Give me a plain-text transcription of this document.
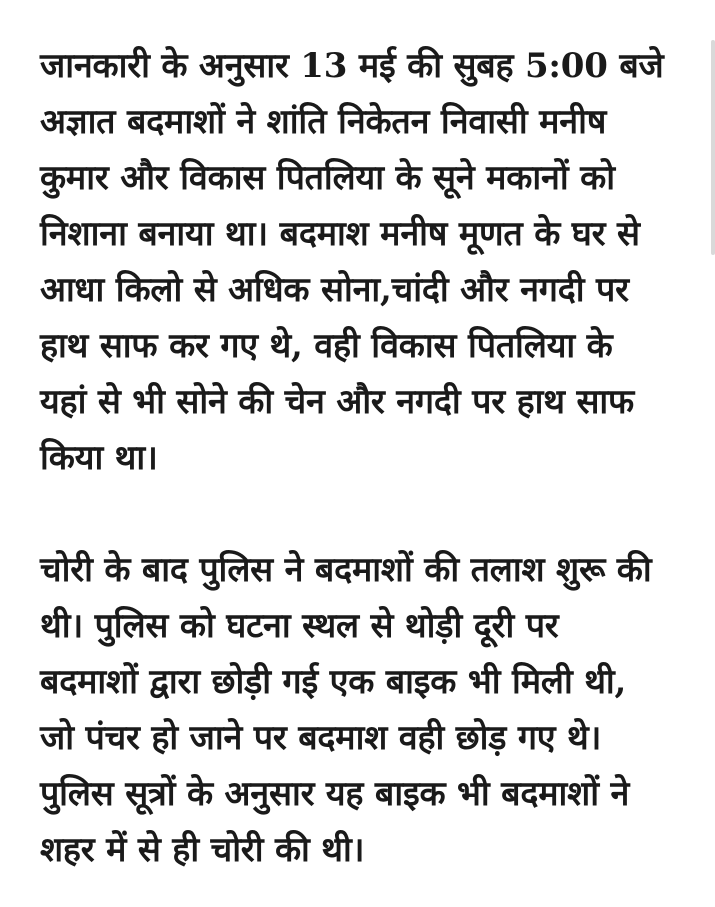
जानकारी के अनुसार 13 मई की सुबह 5:00 बजे
अज्ञात बदमाशों ने शांति निकेतन निवासी मनीष
कुमार और विकास पितलिया के सूने मकानों को
निशाना बनाया था। बदमाश मनीष मूणत के घर से
आधा किलो से अधिक सोना,चांदी और नगदी पर
हाथ साफ कर गए थे, वही विकास पितलिया के
यहां से भी सोने की चेन और नगदी पर हाथ साफ
किया था।

चोरी के बाद पुलिस ने बदमाशों की तलाश शुरू की
थी। पुलिस को घटना स्थल से थोड़ी दूरी पर
बदमाशों द्वारा छोड़ी गई एक बाइक भी मिली थी,
जो पंचर हो जाने पर बदमाश वही छोड़ गए थे।
पुलिस सूत्रों के अनुसार यह बाइक भी बदमाशों ने
शहर में से ही चोरी की थी।
